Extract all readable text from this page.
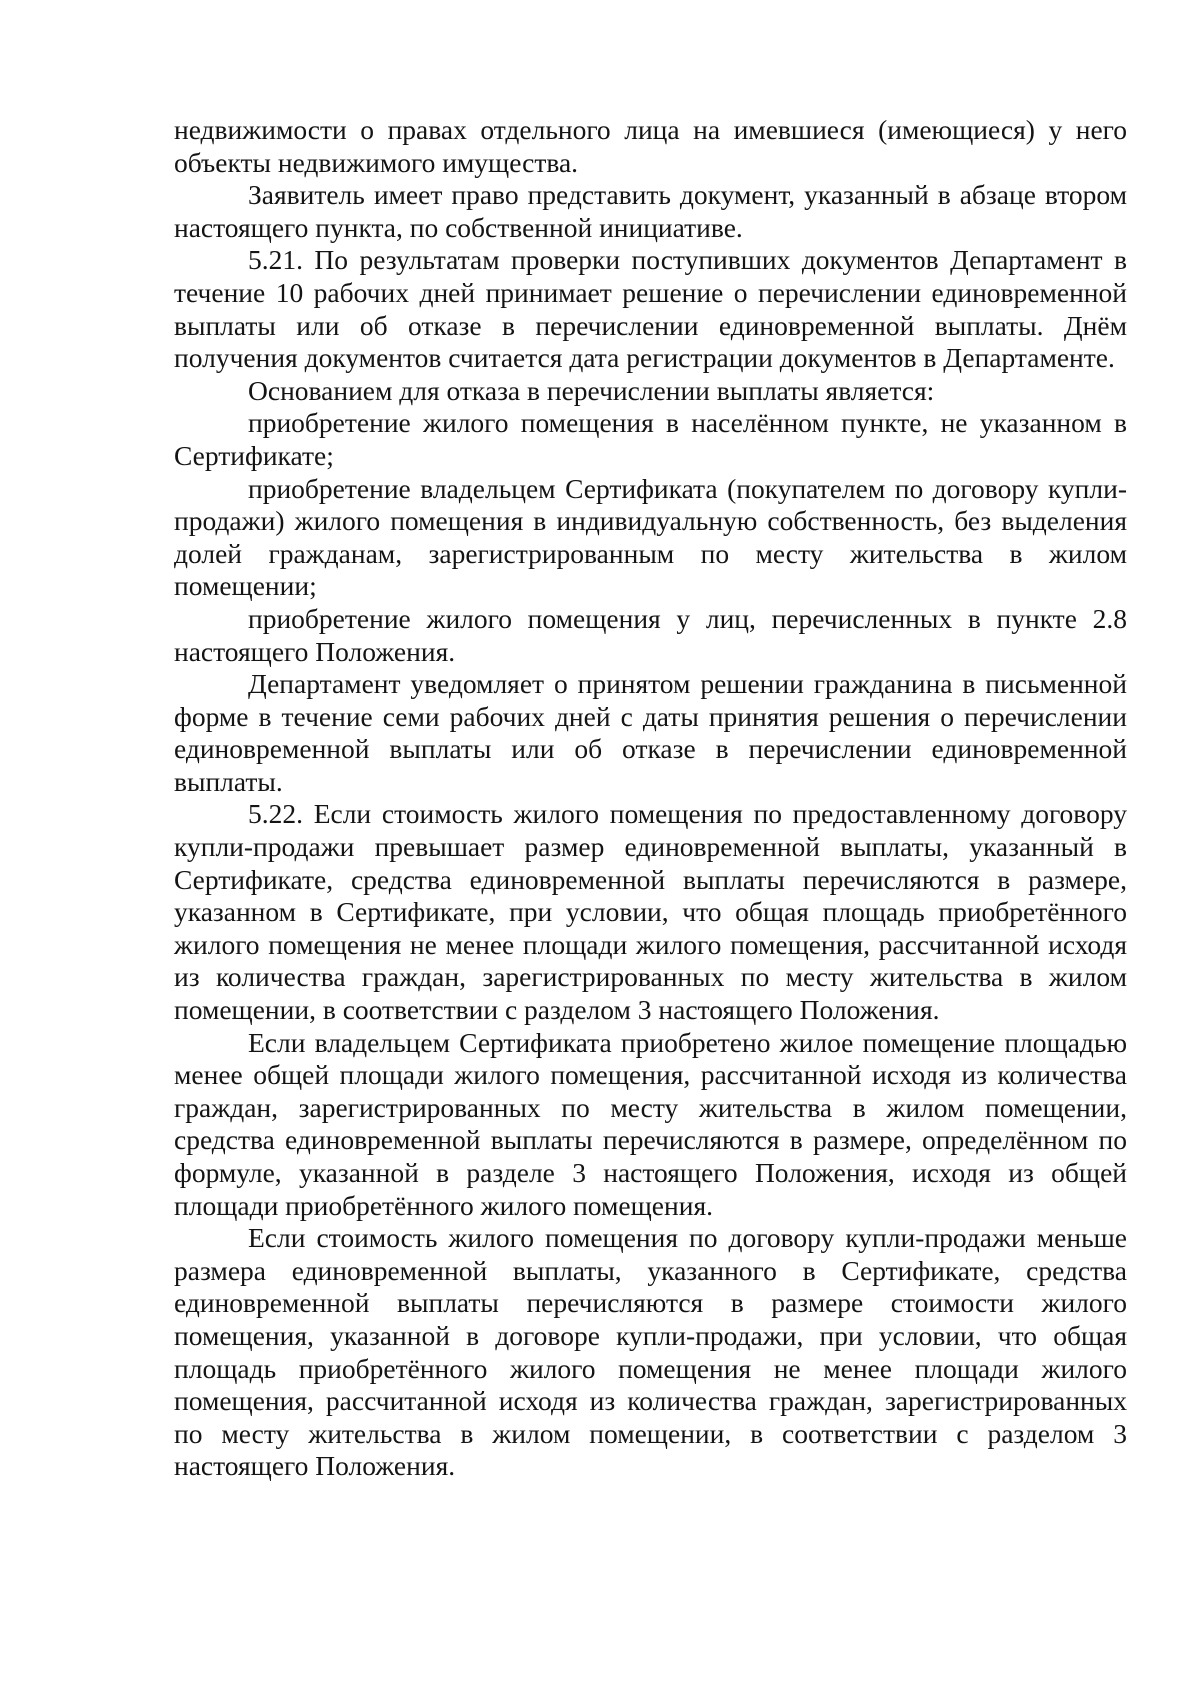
недвижимости о правах отдельного лица на имевшиеся (имеющиеся) у него объекты недвижимого имущества.

Заявитель имеет право представить документ, указанный в абзаце втором настоящего пункта, по собственной инициативе.

5.21. По результатам проверки поступивших документов Департамент в течение 10 рабочих дней принимает решение о перечислении единовременной выплаты или об отказе в перечислении единовременной выплаты. Днём получения документов считается дата регистрации документов в Департаменте.

Основанием для отказа в перечислении выплаты является:

приобретение жилого помещения в населённом пункте, не указанном в Сертификате;

приобретение владельцем Сертификата (покупателем по договору купли-продажи) жилого помещения в индивидуальную собственность, без выделения долей гражданам, зарегистрированным по месту жительства в жилом помещении;

приобретение жилого помещения у лиц, перечисленных в пункте 2.8 настоящего Положения.

Департамент уведомляет о принятом решении гражданина в письменной форме в течение семи рабочих дней с даты принятия решения о перечислении единовременной выплаты или об отказе в перечислении единовременной выплаты.

5.22. Если стоимость жилого помещения по предоставленному договору купли-продажи превышает размер единовременной выплаты, указанный в Сертификате, средства единовременной выплаты перечисляются в размере, указанном в Сертификате, при условии, что общая площадь приобретённого жилого помещения не менее площади жилого помещения, рассчитанной исходя из количества граждан, зарегистрированных по месту жительства в жилом помещении, в соответствии с разделом 3 настоящего Положения.

Если владельцем Сертификата приобретено жилое помещение площадью менее общей площади жилого помещения, рассчитанной исходя из количества граждан, зарегистрированных по месту жительства в жилом помещении, средства единовременной выплаты перечисляются в размере, определённом по формуле, указанной в разделе 3 настоящего Положения, исходя из общей площади приобретённого жилого помещения.

Если стоимость жилого помещения по договору купли-продажи меньше размера единовременной выплаты, указанного в Сертификате, средства единовременной выплаты перечисляются в размере стоимости жилого помещения, указанной в договоре купли-продажи, при условии, что общая площадь приобретённого жилого помещения не менее площади жилого помещения, рассчитанной исходя из количества граждан, зарегистрированных по месту жительства в жилом помещении, в соответствии с разделом 3 настоящего Положения.
